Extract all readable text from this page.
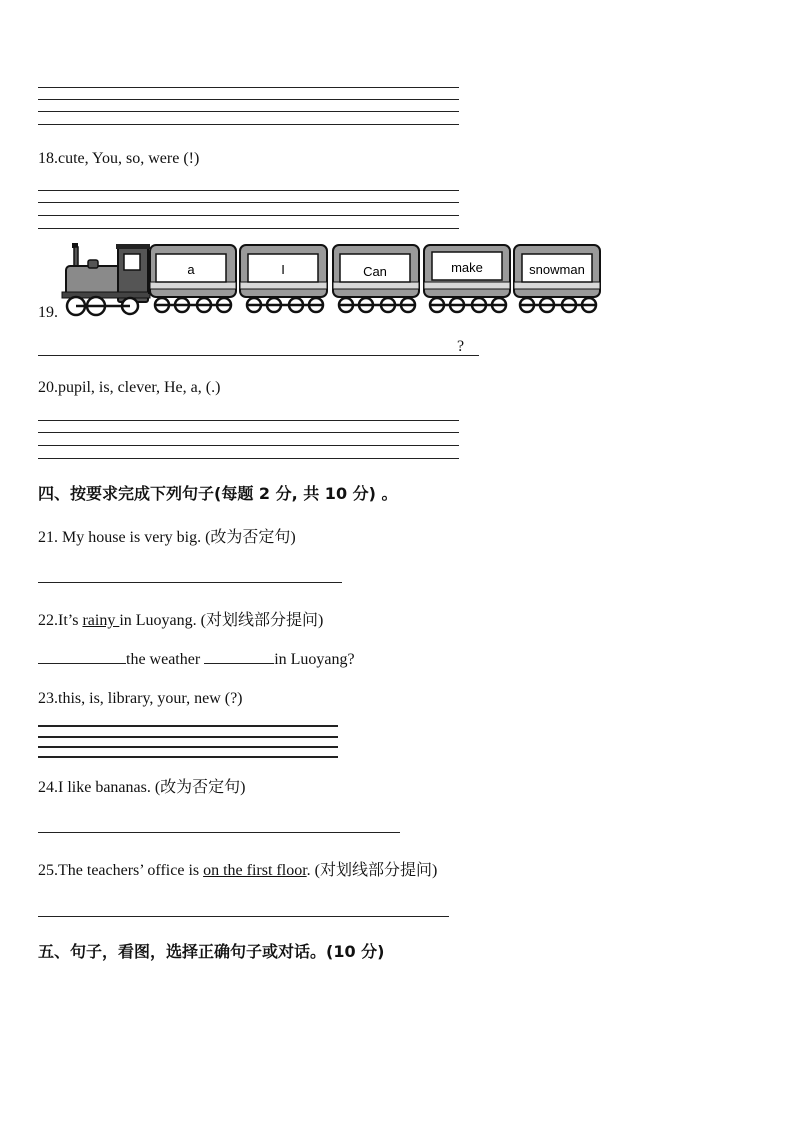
18.cute, You, so, were (!)
19.
a	I	Can	make	snowman
?
20.pupil, is, clever, He, a, (.)
四、按要求完成下列句子(每题 2 分, 共 10 分) 。
21. My house is very big. (改为否定句)
22.It’s rainy in Luoyang. (对划线部分提问)
the weather	in Luoyang?
23.this, is, library, your, new (?)
24.I like bananas. (改为否定句)
25.The teachers’ office is on the first floor. (对划线部分提问)
五、句子，看图，选择正确句子或对话。(10 分)
